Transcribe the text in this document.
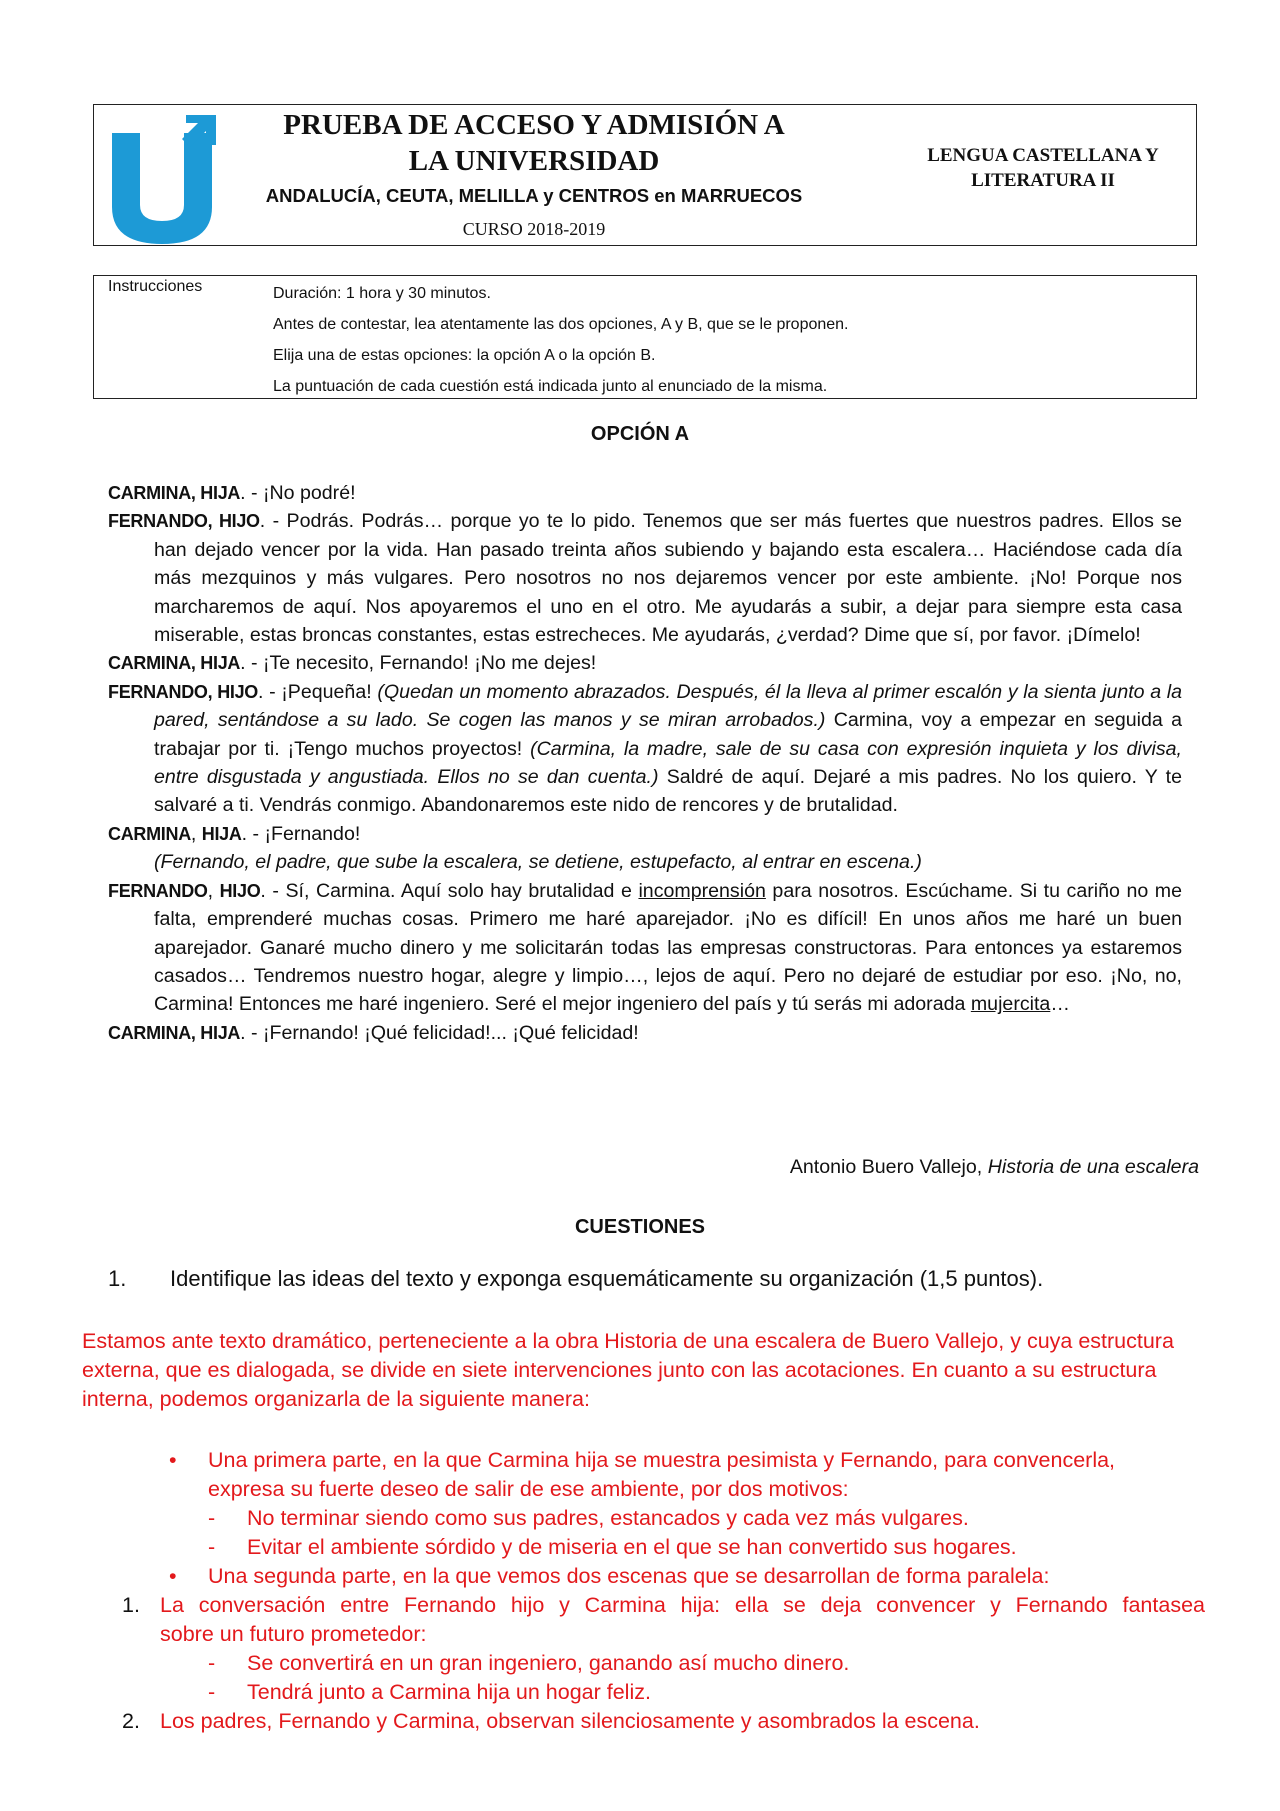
PRUEBA DE ACCESO Y ADMISIÓN A LA UNIVERSIDAD
ANDALUCÍA, CEUTA, MELILLA y CENTROS en MARRUECOS
CURSO 2018-2019
LENGUA CASTELLANA Y LITERATURA II
Instrucciones	Duración: 1 hora y 30 minutos.
Antes de contestar, lea atentamente las dos opciones, A y B, que se le proponen.
Elija una de estas opciones: la opción A o la opción B.
La puntuación de cada cuestión está indicada junto al enunciado de la misma.
OPCIÓN A

CARMINA, HIJA. - ¡No podré!

FERNANDO, HIJO. - Podrás. Podrás… porque yo te lo pido. Tenemos que ser más fuertes que nuestros padres. Ellos se han dejado vencer por la vida. Han pasado treinta años subiendo y bajando esta escalera… Haciéndose cada día más mezquinos y más vulgares. Pero nosotros no nos dejaremos vencer por este ambiente. ¡No! Porque nos marcharemos de aquí. Nos apoyaremos el uno en el otro. Me ayudarás a subir, a dejar para siempre esta casa miserable, estas broncas constantes, estas estrecheces. Me ayudarás, ¿verdad? Dime que sí, por favor. ¡Dímelo!

CARMINA, HIJA. - ¡Te necesito, Fernando! ¡No me dejes!

FERNANDO, HIJO. - ¡Pequeña! (Quedan un momento abrazados. Después, él la lleva al primer escalón y la sienta junto a la pared, sentándose a su lado. Se cogen las manos y se miran arrobados.) Carmina, voy a empezar en seguida a trabajar por ti. ¡Tengo muchos proyectos! (Carmina, la madre, sale de su casa con expresión inquieta y los divisa, entre disgustada y angustiada. Ellos no se dan cuenta.) Saldré de aquí. Dejaré a mis padres. No los quiero. Y te salvaré a ti. Vendrás conmigo. Abandonaremos este nido de rencores y de brutalidad.

CARMINA, HIJA. - ¡Fernando!

(Fernando, el padre, que sube la escalera, se detiene, estupefacto, al entrar en escena.)

FERNANDO, HIJO. - Sí, Carmina. Aquí solo hay brutalidad e incomprensión para nosotros. Escúchame. Si tu cariño no me falta, emprenderé muchas cosas. Primero me haré aparejador. ¡No es difícil! En unos años me haré un buen aparejador. Ganaré mucho dinero y me solicitarán todas las empresas constructoras. Para entonces ya estaremos casados… Tendremos nuestro hogar, alegre y limpio…, lejos de aquí. Pero no dejaré de estudiar por eso. ¡No, no, Carmina! Entonces me haré ingeniero. Seré el mejor ingeniero del país y tú serás mi adorada mujercita…

CARMINA, HIJA. - ¡Fernando! ¡Qué felicidad!... ¡Qué felicidad!

Antonio Buero Vallejo, Historia de una escalera
CUESTIONES
1. Identifique las ideas del texto y exponga esquemáticamente su organización (1,5 puntos).
Estamos ante texto dramático, perteneciente a la obra Historia de una escalera de Buero Vallejo, y cuya estructura externa, que es dialogada, se divide en siete intervenciones junto con las acotaciones. En cuanto a su estructura interna, podemos organizarla de la siguiente manera:
• Una primera parte, en la que Carmina hija se muestra pesimista y Fernando, para convencerla,
expresa su fuerte deseo de salir de ese ambiente, por dos motivos:
- No terminar siendo como sus padres, estancados y cada vez más vulgares.
- Evitar el ambiente sórdido y de miseria en el que se han convertido sus hogares.
• Una segunda parte, en la que vemos dos escenas que se desarrollan de forma paralela:
1. La conversación entre Fernando hijo y Carmina hija: ella se deja convencer y Fernando fantasea
sobre un futuro prometedor:
- Se convertirá en un gran ingeniero, ganando así mucho dinero.
- Tendrá junto a Carmina hija un hogar feliz.
2. Los padres, Fernando y Carmina, observan silenciosamente y asombrados la escena.
